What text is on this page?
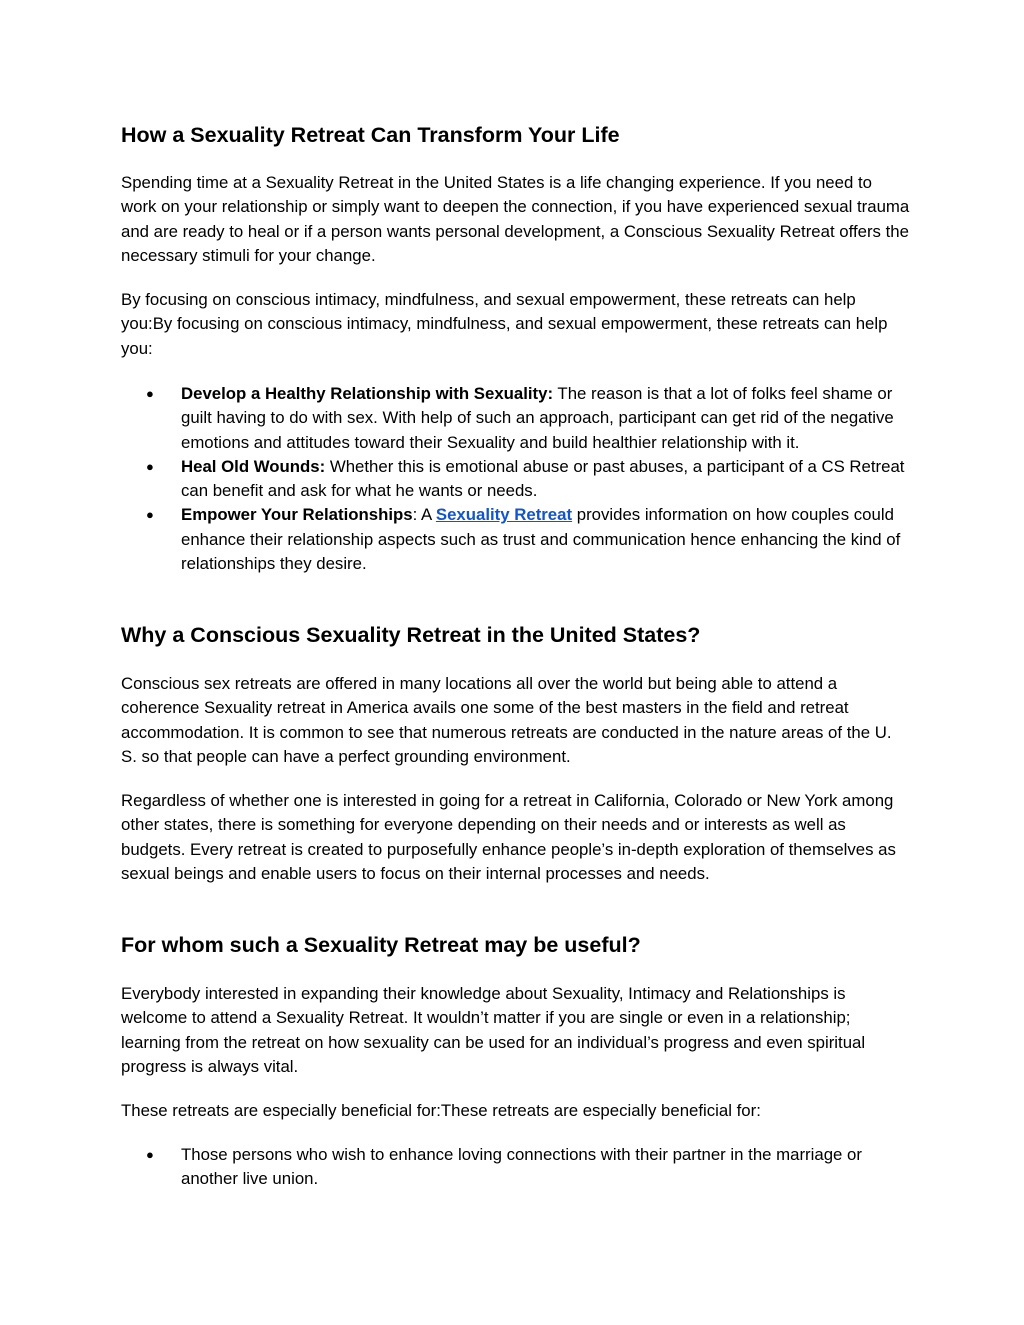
How a Sexuality Retreat Can Transform Your Life

Spending time at a Sexuality Retreat in the United States is a life changing experience. If you need to work on your relationship or simply want to deepen the connection, if you have experienced sexual trauma and are ready to heal or if a person wants personal development, a Conscious Sexuality Retreat offers the necessary stimuli for your change.

By focusing on conscious intimacy, mindfulness, and sexual empowerment, these retreats can help you:By focusing on conscious intimacy, mindfulness, and sexual empowerment, these retreats can help you:

● Develop a Healthy Relationship with Sexuality: The reason is that a lot of folks feel shame or guilt having to do with sex. With help of such an approach, participant can get rid of the negative emotions and attitudes toward their Sexuality and build healthier relationship with it.
● Heal Old Wounds: Whether this is emotional abuse or past abuses, a participant of a CS Retreat can benefit and ask for what he wants or needs.
● Empower Your Relationships: A Sexuality Retreat provides information on how couples could enhance their relationship aspects such as trust and communication hence enhancing the kind of relationships they desire.
Why a Conscious Sexuality Retreat in the United States?

Conscious sex retreats are offered in many locations all over the world but being able to attend a coherence Sexuality retreat in America avails one some of the best masters in the field and retreat accommodation. It is common to see that numerous retreats are conducted in the nature areas of the U. S. so that people can have a perfect grounding environment.

Regardless of whether one is interested in going for a retreat in California, Colorado or New York among other states, there is something for everyone depending on their needs and or interests as well as budgets. Every retreat is created to purposefully enhance people’s in-depth exploration of themselves as sexual beings and enable users to focus on their internal processes and needs.

For whom such a Sexuality Retreat may be useful?

Everybody interested in expanding their knowledge about Sexuality, Intimacy and Relationships is welcome to attend a Sexuality Retreat. It wouldn’t matter if you are single or even in a relationship; learning from the retreat on how sexuality can be used for an individual’s progress and even spiritual progress is always vital.

These retreats are especially beneficial for:These retreats are especially beneficial for:

● Those persons who wish to enhance loving connections with their partner in the marriage or another live union.
